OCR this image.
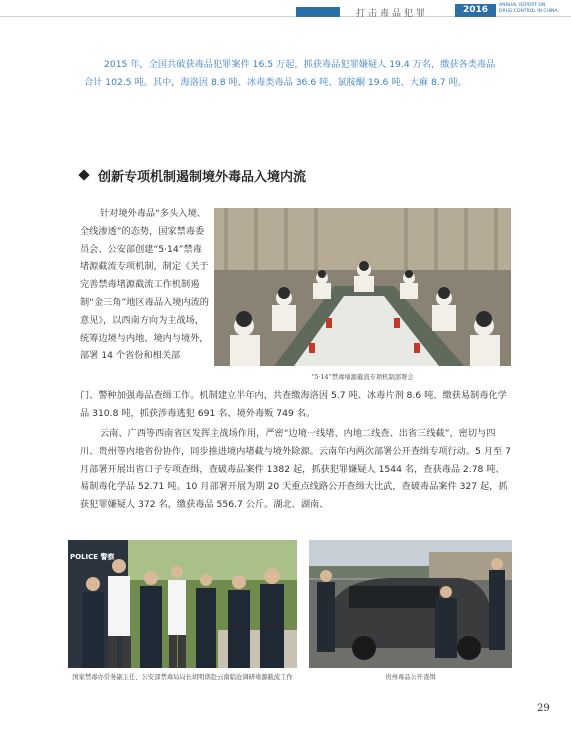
打击毒品犯罪	2016	ANNUAL REPORT ON DRUG CONTROL IN CHINA
2015 年，全国共破获毒品犯罪案件 16.5 万起，抓获毒品犯罪嫌疑人 19.4 万名，缴获各类毒品合计 102.5 吨。其中，海洛因 8.8 吨、冰毒类毒品 36.6 吨、氯胺酮 19.6 吨、大麻 8.7 吨。
创新专项机制遏制境外毒品入境内流
针对境外毒品“多头入境、全线渗透”的态势，国家禁毒委员会、公安部创建“5·14”禁毒堵源截流专项机制，制定《关于完善禁毒堵源截流工作机制遏制“金三角”地区毒品入境内流的意见》，以西南方向为主战场，统筹边境与内地、境内与境外，部署 14 个省份和相关部
“5·14”禁毒堵源截流专项机制部署会
门、警种加强毒品查缉工作。机制建立半年内，共查缴海洛因 5.7 吨、冰毒片剂 8.6 吨、缴获易制毒化学品 310.8 吨，抓获涉毒逃犯 691 名、境外毒贩 749 名。
云南、广西等西南省区发挥主战场作用，严密“边境一线堵、内地二线查、出省三线截”，密切与四川、贵州等内地省份协作，同步推进境内堵截与境外除源。云南年内两次部署公开查缉专项行动。5 月至 7 月部署开展出省口子专项查缉，查破毒品案件 1382 起，抓获犯罪嫌疑人 1544 名，查获毒品 2.78 吨、易制毒化学品 52.71 吨。10 月部署开展为期 20 天重点线路公开查缉大比武，查破毒品案件 327 起，抓获犯罪嫌疑人 372 名，缴获毒品 556.7 公斤。湖北、湖南、
POLICE 警察
国家禁毒办常务副主任、公安部禁毒局局长胡明朗赴云南临沧调研堵源截流工作	贵州毒品公开查缉
29
